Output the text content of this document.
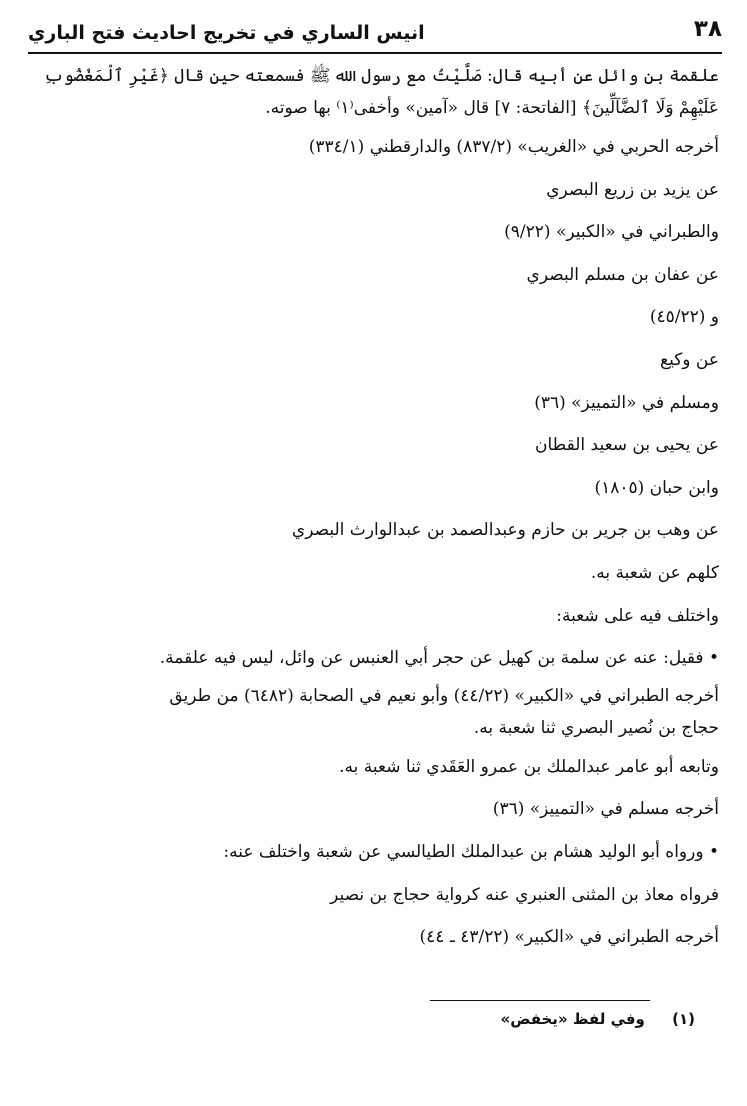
٣٨
انيس الساري في تخريج احاديث فتح الباري
علقمة بن وائل عن أبيه قال: صَلَّيْتُ مع رسول الله ﷺ فسمعته حين قال ﴿غَيْرِ ٱلْمَغْضُوبِ
عَلَيْهِمْ وَلَا ٱلضَّآلِّينَ﴾ [الفاتحة: ٧] قال «آمين» وأخفى⁽١⁾ بها صوته.
أخرجه الحربي في «الغريب» (٨٣٧/٢) والدارقطني (٣٣٤/١)
عن يزيد بن زريع البصري
والطبراني في «الكبير» (٩/٢٢)
عن عفان بن مسلم البصري
و (٤٥/٢٢)
عن وكيع
ومسلم في «التمييز» (٣٦)
عن يحيى بن سعيد القطان
وابن حبان (١٨٠٥)
عن وهب بن جرير بن حازم وعبدالصمد بن عبدالوارث البصري
كلهم عن شعبة به.
واختلف فيه على شعبة:
• فقيل: عنه عن سلمة بن كهيل عن حجر أبي العنبس عن وائل، ليس فيه علقمة.
أخرجه الطبراني في «الكبير» (٤٤/٢٢) وأبو نعيم في الصحابة (٦٤٨٢) من طريق
حجاج بن نُصير البصري ثنا شعبة به.
وتابعه أبو عامر عبدالملك بن عمرو العَقَدي ثنا شعبة به.
أخرجه مسلم في «التمييز» (٣٦)
• ورواه أبو الوليد هشام بن عبدالملك الطيالسي عن شعبة واختلف عنه:
فرواه معاذ بن المثنى العنبري عنه كرواية حجاج بن نصير
أخرجه الطبراني في «الكبير» (٤٣/٢٢ ـ ٤٤)
(١) وفي لفظ «يخفض»
